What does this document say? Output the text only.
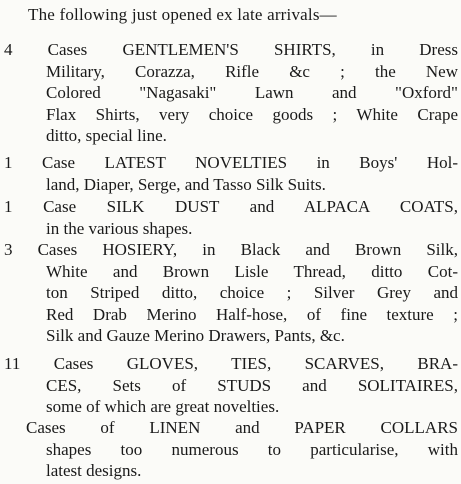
The following just opened ex late arrivals—
4 Cases GENTLEMEN'S SHIRTS, in Dress
Military, Corazza, Rifle &c ; the New
Colored "Nagasaki" Lawn and "Oxford"
Flax Shirts, very choice goods ; White Crape
ditto, special line.
1 Case LATEST NOVELTIES in Boys' Hol-
land, Diaper, Serge, and Tasso Silk Suits.
1 Case SILK DUST and ALPACA COATS,
in the various shapes.
3 Cases HOSIERY, in Black and Brown Silk,
White and Brown Lisle Thread, ditto Cot-
ton Striped ditto, choice ; Silver Grey and
Red Drab Merino Half-hose, of fine texture ;
Silk and Gauze Merino Drawers, Pants, &c.
11 Cases GLOVES, TIES, SCARVES, BRA-
CES, Sets of STUDS and SOLITAIRES,
some of which are great novelties.
Cases of LINEN and PAPER COLLARS
shapes too numerous to particularise, with
latest designs.
